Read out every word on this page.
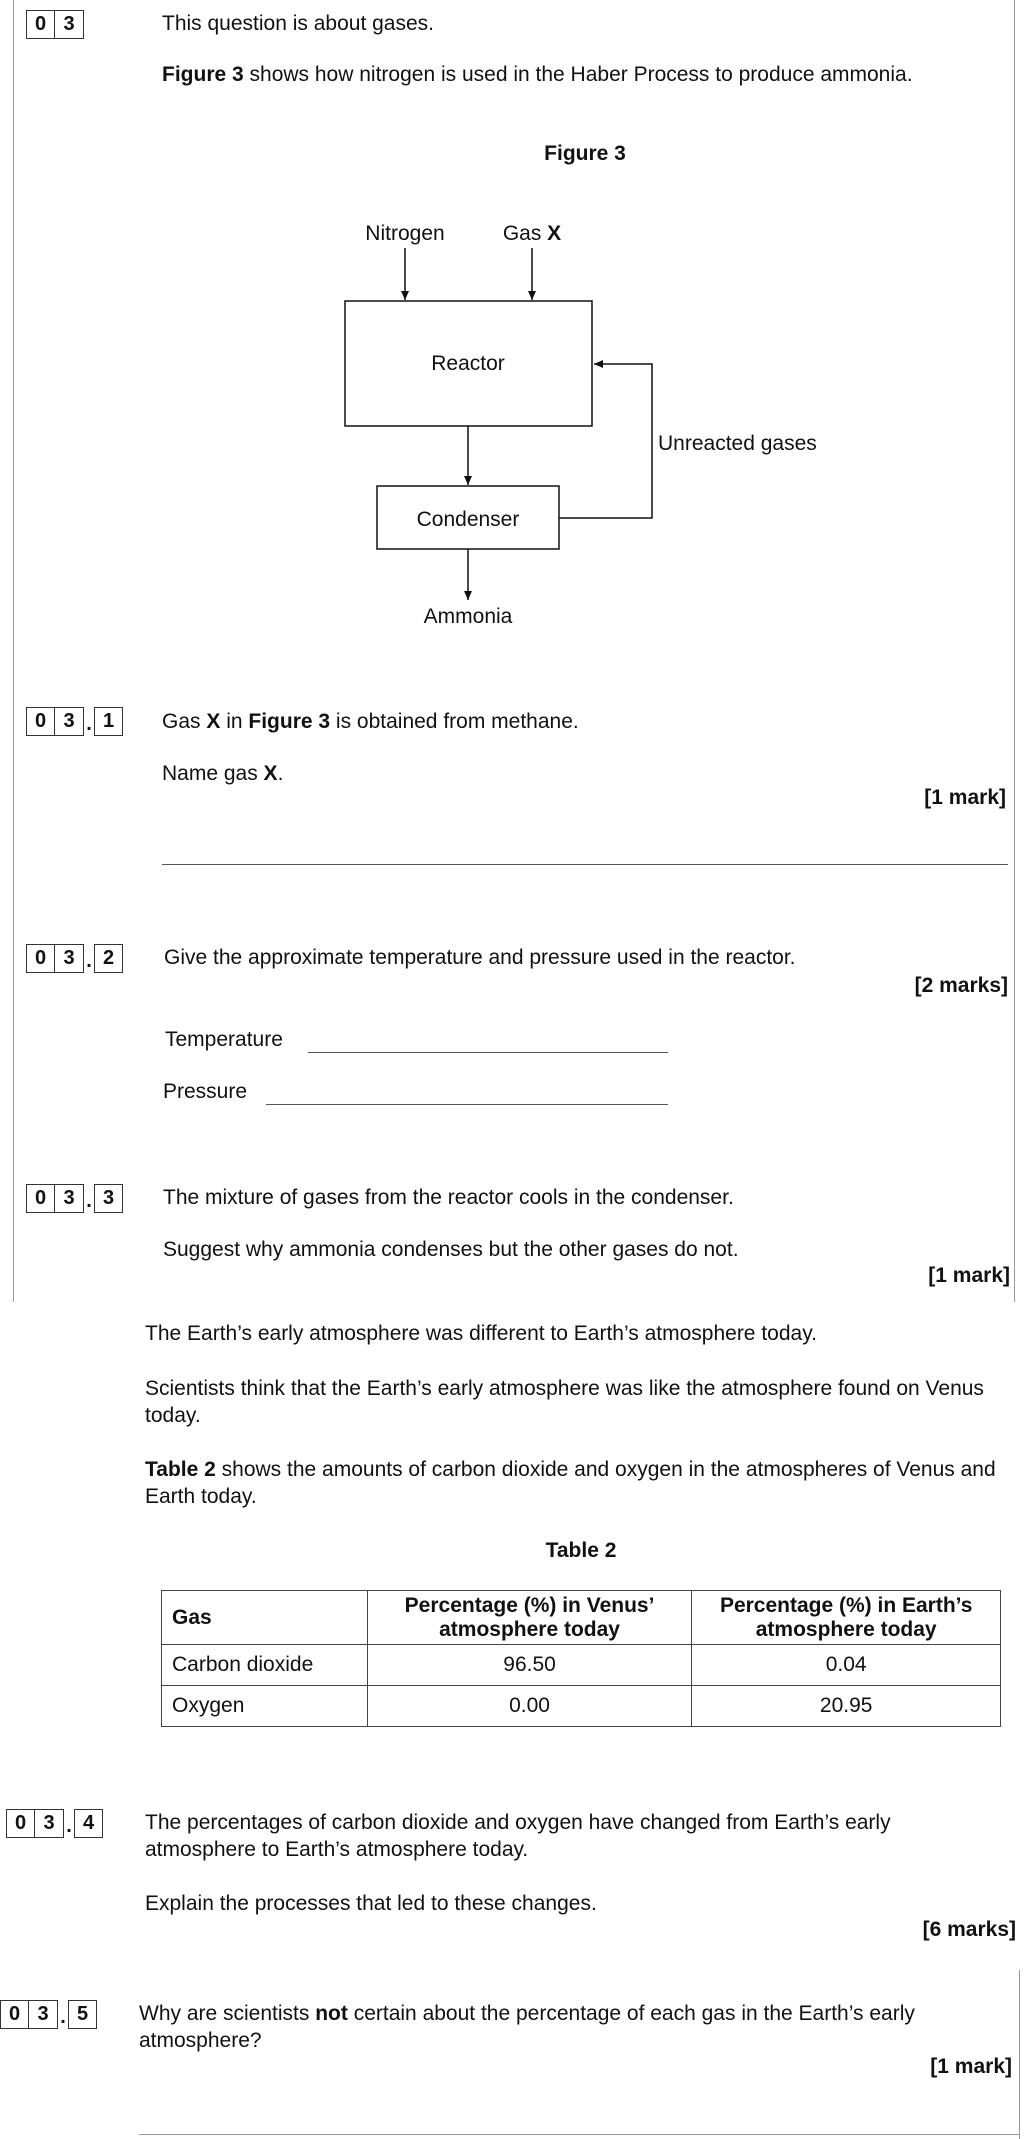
0 3	This question is about gases.
Figure 3 shows how nitrogen is used in the Haber Process to produce ammonia.
Figure 3
Nitrogen	Gas X
Reactor
Condenser
Unreacted gases
Ammonia
0 3 . 1	Gas X in Figure 3 is obtained from methane.
Name gas X.
[1 mark]
0 3 . 2	Give the approximate temperature and pressure used in the reactor.
[2 marks]
Temperature
Pressure
0 3 . 3	The mixture of gases from the reactor cools in the condenser.
Suggest why ammonia condenses but the other gases do not.
[1 mark]
The Earth’s early atmosphere was different to Earth’s atmosphere today.
Scientists think that the Earth’s early atmosphere was like the atmosphere found on Venus today.
Table 2 shows the amounts of carbon dioxide and oxygen in the atmospheres of Venus and Earth today.
Table 2
Gas	Percentage (%) in Venus’ atmosphere today	Percentage (%) in Earth’s atmosphere today
Carbon dioxide	96.50	0.04
Oxygen	0.00	20.95
0 3 . 4	The percentages of carbon dioxide and oxygen have changed from Earth’s early atmosphere to Earth’s atmosphere today.
Explain the processes that led to these changes.
[6 marks]
0 3 . 5	Why are scientists not certain about the percentage of each gas in the Earth’s early atmosphere?
[1 mark]
